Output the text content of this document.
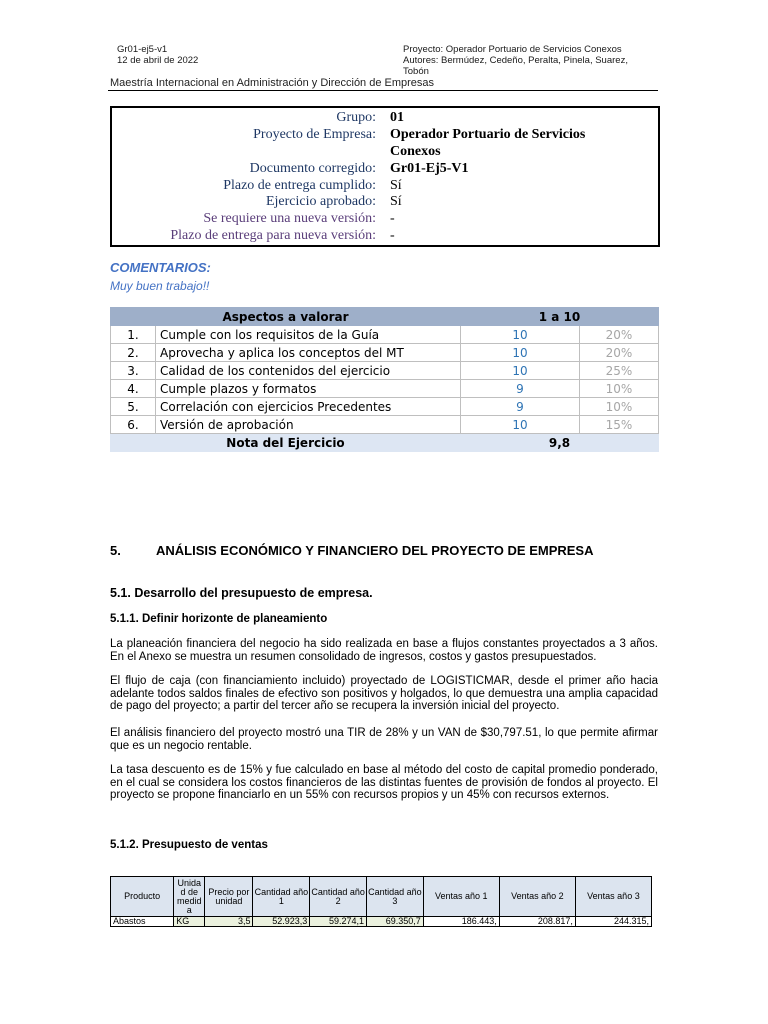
Gr01-ej5-v1
12 de abril de 2022
Proyecto: Operador Portuario de Servicios Conexos
Autores: Bermúdez, Cedeño, Peralta, Pinela, Suarez,
Tobón
Maestría Internacional en Administración y Dirección de Empresas
Grupo: 01
Proyecto de Empresa: Operador Portuario de Servicios
Conexos
Documento corregido: Gr01-Ej5-V1
Plazo de entrega cumplido: Sí
Ejercicio aprobado: Sí
Se requiere una nueva versión: -
Plazo de entrega para nueva versión: -
COMENTARIOS:
Muy buen trabajo!!
Aspectos a valorar		1 a 10	
1.	Cumple con los requisitos de la Guía	10	20%
2.	Aprovecha y aplica los conceptos del MT	10	20%
3.	Calidad de los contenidos del ejercicio	10	25%
4.	Cumple plazos y formatos	9	10%
5.	Correlación con ejercicios Precedentes	9	10%
6.	Versión de aprobación	10	15%
Nota del Ejercicio		9,8	
5.	ANÁLISIS ECONÓMICO Y FINANCIERO DEL PROYECTO DE EMPRESA
5.1. Desarrollo del presupuesto de empresa.
5.1.1. Definir horizonte de planeamiento
La planeación financiera del negocio ha sido realizada en base a flujos constantes proyectados a 3 años. En el Anexo se muestra un resumen consolidado de ingresos, costos y gastos presupuestados.
El flujo de caja (con financiamiento incluido) proyectado de LOGISTICMAR, desde el primer año hacia adelante todos saldos finales de efectivo son positivos y holgados, lo que demuestra una amplia capacidad de pago del proyecto; a partir del tercer año se recupera la inversión inicial del proyecto.
El análisis financiero del proyecto mostró una TIR de 28% y un VAN de $30,797.51, lo que permite afirmar que es un negocio rentable.
La tasa descuento es de 15% y fue calculado en base al método del costo de capital promedio ponderado, en el cual se considera los costos financieros de las distintas fuentes de provisión de fondos al proyecto. El proyecto se propone financiarlo en un 55% con recursos propios y un 45% con recursos externos.
5.1.2. Presupuesto de ventas
Producto	Unida d de medid a	Precio por unidad	Cantidad año 1	Cantidad año 2	Cantidad año 3	Ventas año 1	Ventas año 2	Ventas año 3
Abastos	KG	3,5	52.923,3	59.274,1	69.350,7	186.443,	208.817,	244.315,
